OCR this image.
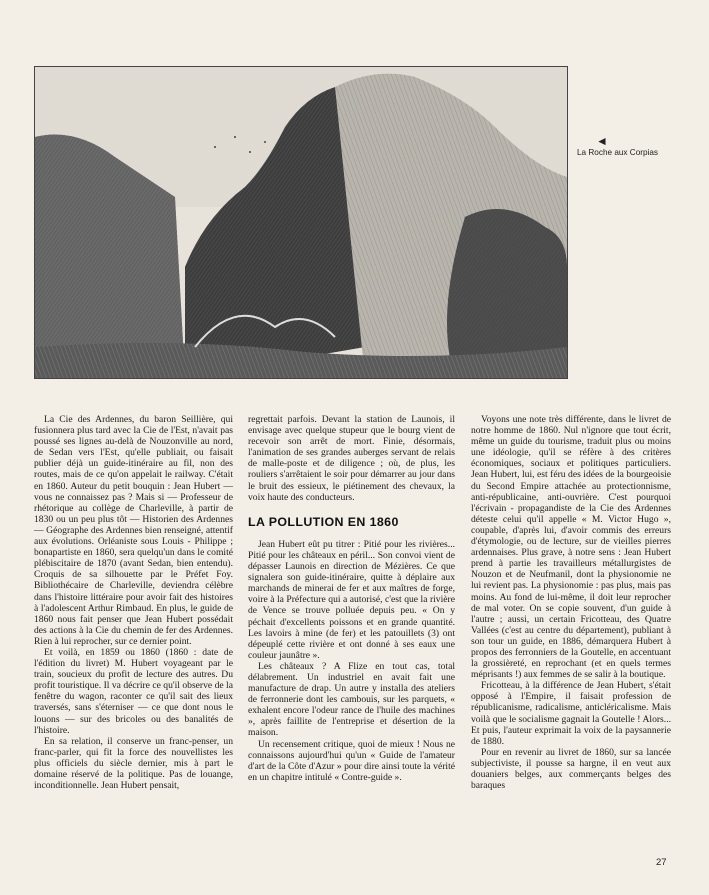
◄
La Roche aux Corpias

La Cie des Ardennes, du baron Seillière, qui fusionnera plus tard avec la Cie de l'Est, n'avait pas poussé ses lignes au-delà de Nouzonville au nord, de Sedan vers l'Est, qu'elle publiait, ou faisait publier déjà un guide-itinéraire au fil, non des routes, mais de ce qu'on appelait le railway. C'était en 1860. Auteur du petit bouquin : Jean Hubert — vous ne connaissez pas ? Mais si — Professeur de rhétorique au collège de Charleville, à partir de 1830 ou un peu plus tôt — Historien des Ardennes — Géographe des Ardennes bien renseigné, attentif aux évolutions. Orléaniste sous Louis - Philippe ; bonapartiste en 1860, sera quelqu'un dans le comité plébiscitaire de 1870 (avant Sedan, bien entendu). Croquis de sa silhouette par le Préfet Foy. Bibliothécaire de Charleville, deviendra célèbre dans l'histoire littéraire pour avoir fait des histoires à l'adolescent Arthur Rimbaud. En plus, le guide de 1860 nous fait penser que Jean Hubert possédait des actions à la Cie du chemin de fer des Ardennes. Rien à lui reprocher, sur ce dernier point.

Et voilà, en 1859 ou 1860 (1860 : date de l'édition du livret) M. Hubert voyageant par le train, soucieux du profit de lecture des autres. Du profit touristique. Il va décrire ce qu'il observe de la fenêtre du wagon, raconter ce qu'il sait des lieux traversés, sans s'éterniser — ce que dont nous le louons — sur des bricoles ou des banalités de l'histoire.

En sa relation, il conserve un franc-penser, un franc-parler, qui fit la force des nouvellistes les plus officiels du siècle dernier, mis à part le domaine réservé de la politique. Pas de louange, inconditionnelle. Jean Hubert pensait,

regrettait parfois. Devant la station de Launois, il envisage avec quelque stupeur que le bourg vient de recevoir son arrêt de mort. Finie, désormais, l'animation de ses grandes auberges servant de relais de malle-poste et de diligence ; où, de plus, les rouliers s'arrêtaient le soir pour démarrer au jour dans le bruit des essieux, le piétinement des chevaux, la voix haute des conducteurs.

LA POLLUTION EN 1860

Jean Hubert eût pu titrer : Pitié pour les rivières... Pitié pour les châteaux en péril... Son convoi vient de dépasser Launois en direction de Mézières. Ce que signalera son guide-itinéraire, quitte à déplaire aux marchands de minerai de fer et aux maîtres de forge, voire à la Préfecture qui a autorisé, c'est que la rivière de Vence se trouve polluée depuis peu. « On y péchait d'excellents poissons et en grande quantité. Les lavoirs à mine (de fer) et les patouillets (3) ont dépeuplé cette rivière et ont donné à ses eaux une couleur jaunâtre ».

Les châteaux ? A Flize en tout cas, total délabrement. Un industriel en avait fait une manufacture de drap. Un autre y installa des ateliers de ferronnerie dont les cambouis, sur les parquets, « exhalent encore l'odeur rance de l'huile des machines », après faillite de l'entreprise et désertion de la maison.

Un recensement critique, quoi de mieux ! Nous ne connaissons aujourd'hui qu'un « Guide de l'amateur d'art de la Côte d'Azur » pour dire ainsi toute la vérité en un chapitre intitulé « Contre-guide ».

Voyons une note très différente, dans le livret de notre homme de 1860. Nul n'ignore que tout écrit, même un guide du tourisme, traduit plus ou moins une idéologie, qu'il se réfère à des critères économiques, sociaux et politiques particuliers. Jean Hubert, lui, est féru des idées de la bourgeoisie du Second Empire attachée au protectionnisme, anti-républicaine, anti-ouvrière. C'est pourquoi l'écrivain - propagandiste de la Cie des Ardennes déteste celui qu'il appelle « M. Victor Hugo », coupable, d'après lui, d'avoir commis des erreurs d'étymologie, ou de lecture, sur de vieilles pierres ardennaises. Plus grave, à notre sens : Jean Hubert prend à partie les travailleurs métallurgistes de Nouzon et de Neufmanil, dont la physionomie ne lui revient pas. La physionomie : pas plus, mais pas moins. Au fond de lui-même, il doit leur reprocher de mal voter. On se copie souvent, d'un guide à l'autre ; aussi, un certain Fricotteau, des Quatre Vallées (c'est au centre du département), publiant à son tour un guide, en 1886, démarquera Hubert à propos des ferronniers de la Goutelle, en accentuant la grossièreté, en reprochant (et en quels termes méprisants !) aux femmes de se salir à la boutique.

Fricotteau, à la différence de Jean Hubert, s'était opposé à l'Empire, il faisait profession de républicanisme, radicalisme, anticléricalisme. Mais voilà que le socialisme gagnait la Goutelle ! Alors... Et puis, l'auteur exprimait la voix de la paysannerie de 1880.

Pour en revenir au livret de 1860, sur sa lancée subjectiviste, il pousse sa hargne, il en veut aux douaniers belges, aux commerçants belges des baraques

27
